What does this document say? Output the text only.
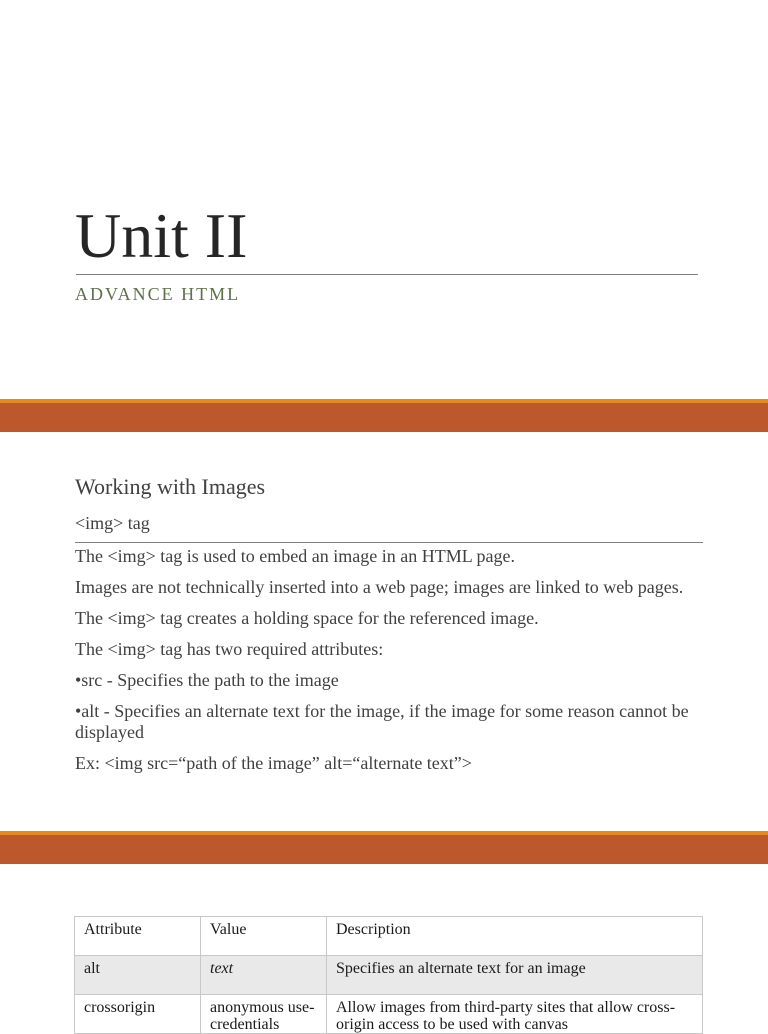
Unit II
ADVANCE HTML
Working with Images
<img> tag

The <img> tag is used to embed an image in an HTML page.

Images are not technically inserted into a web page; images are linked to web pages.

The <img> tag creates a holding space for the referenced image.

The <img> tag has two required attributes:

•src - Specifies the path to the image

•alt - Specifies an alternate text for the image, if the image for some reason cannot be displayed

Ex: <img src=“path of the image” alt=“alternate text”>

Attribute	Value	Description
alt	text	Specifies an alternate text for an image
crossorigin	anonymous use-credentials	Allow images from third-party sites that allow cross-origin access to be used with canvas
